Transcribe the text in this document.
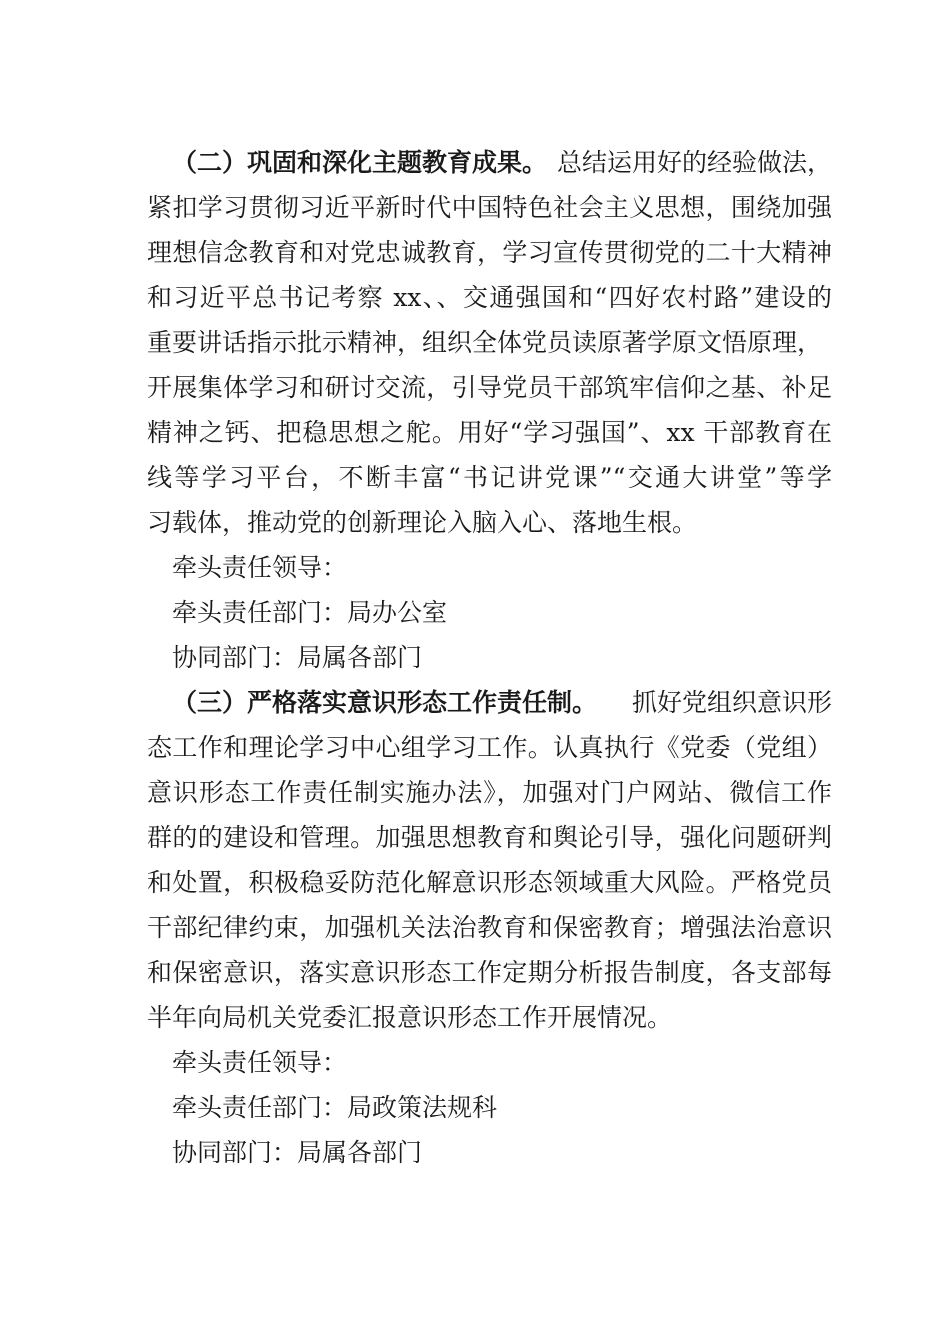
（二）巩固和深化主题教育成果。 总结运用好的经验做法，
紧扣学习贯彻习近平新时代中国特色社会主义思想，围绕加强
理想信念教育和对党忠诚教育，学习宣传贯彻党的二十大精神
和习近平总书记考察 xx、、交通强国和“四好农村路”建设的
重要讲话指示批示精神，组织全体党员读原著学原文悟原理，
开展集体学习和研讨交流，引导党员干部筑牢信仰之基、补足
精神之钙、把稳思想之舵。用好“学习强国”、xx 干部教育在
线等学习平台，不断丰富“书记讲党课”“交通大讲堂”等学
习载体，推动党的创新理论入脑入心、落地生根。
牵头责任领导：
牵头责任部门：局办公室
协同部门：局属各部门
（三）严格落实意识形态工作责任制。 抓好党组织意识形
态工作和理论学习中心组学习工作。认真执行《党委（党组）
意识形态工作责任制实施办法》，加强对门户网站、微信工作
群的的建设和管理。加强思想教育和舆论引导，强化问题研判
和处置，积极稳妥防范化解意识形态领域重大风险。严格党员
干部纪律约束，加强机关法治教育和保密教育；增强法治意识
和保密意识，落实意识形态工作定期分析报告制度，各支部每
半年向局机关党委汇报意识形态工作开展情况。
牵头责任领导：
牵头责任部门：局政策法规科
协同部门：局属各部门
